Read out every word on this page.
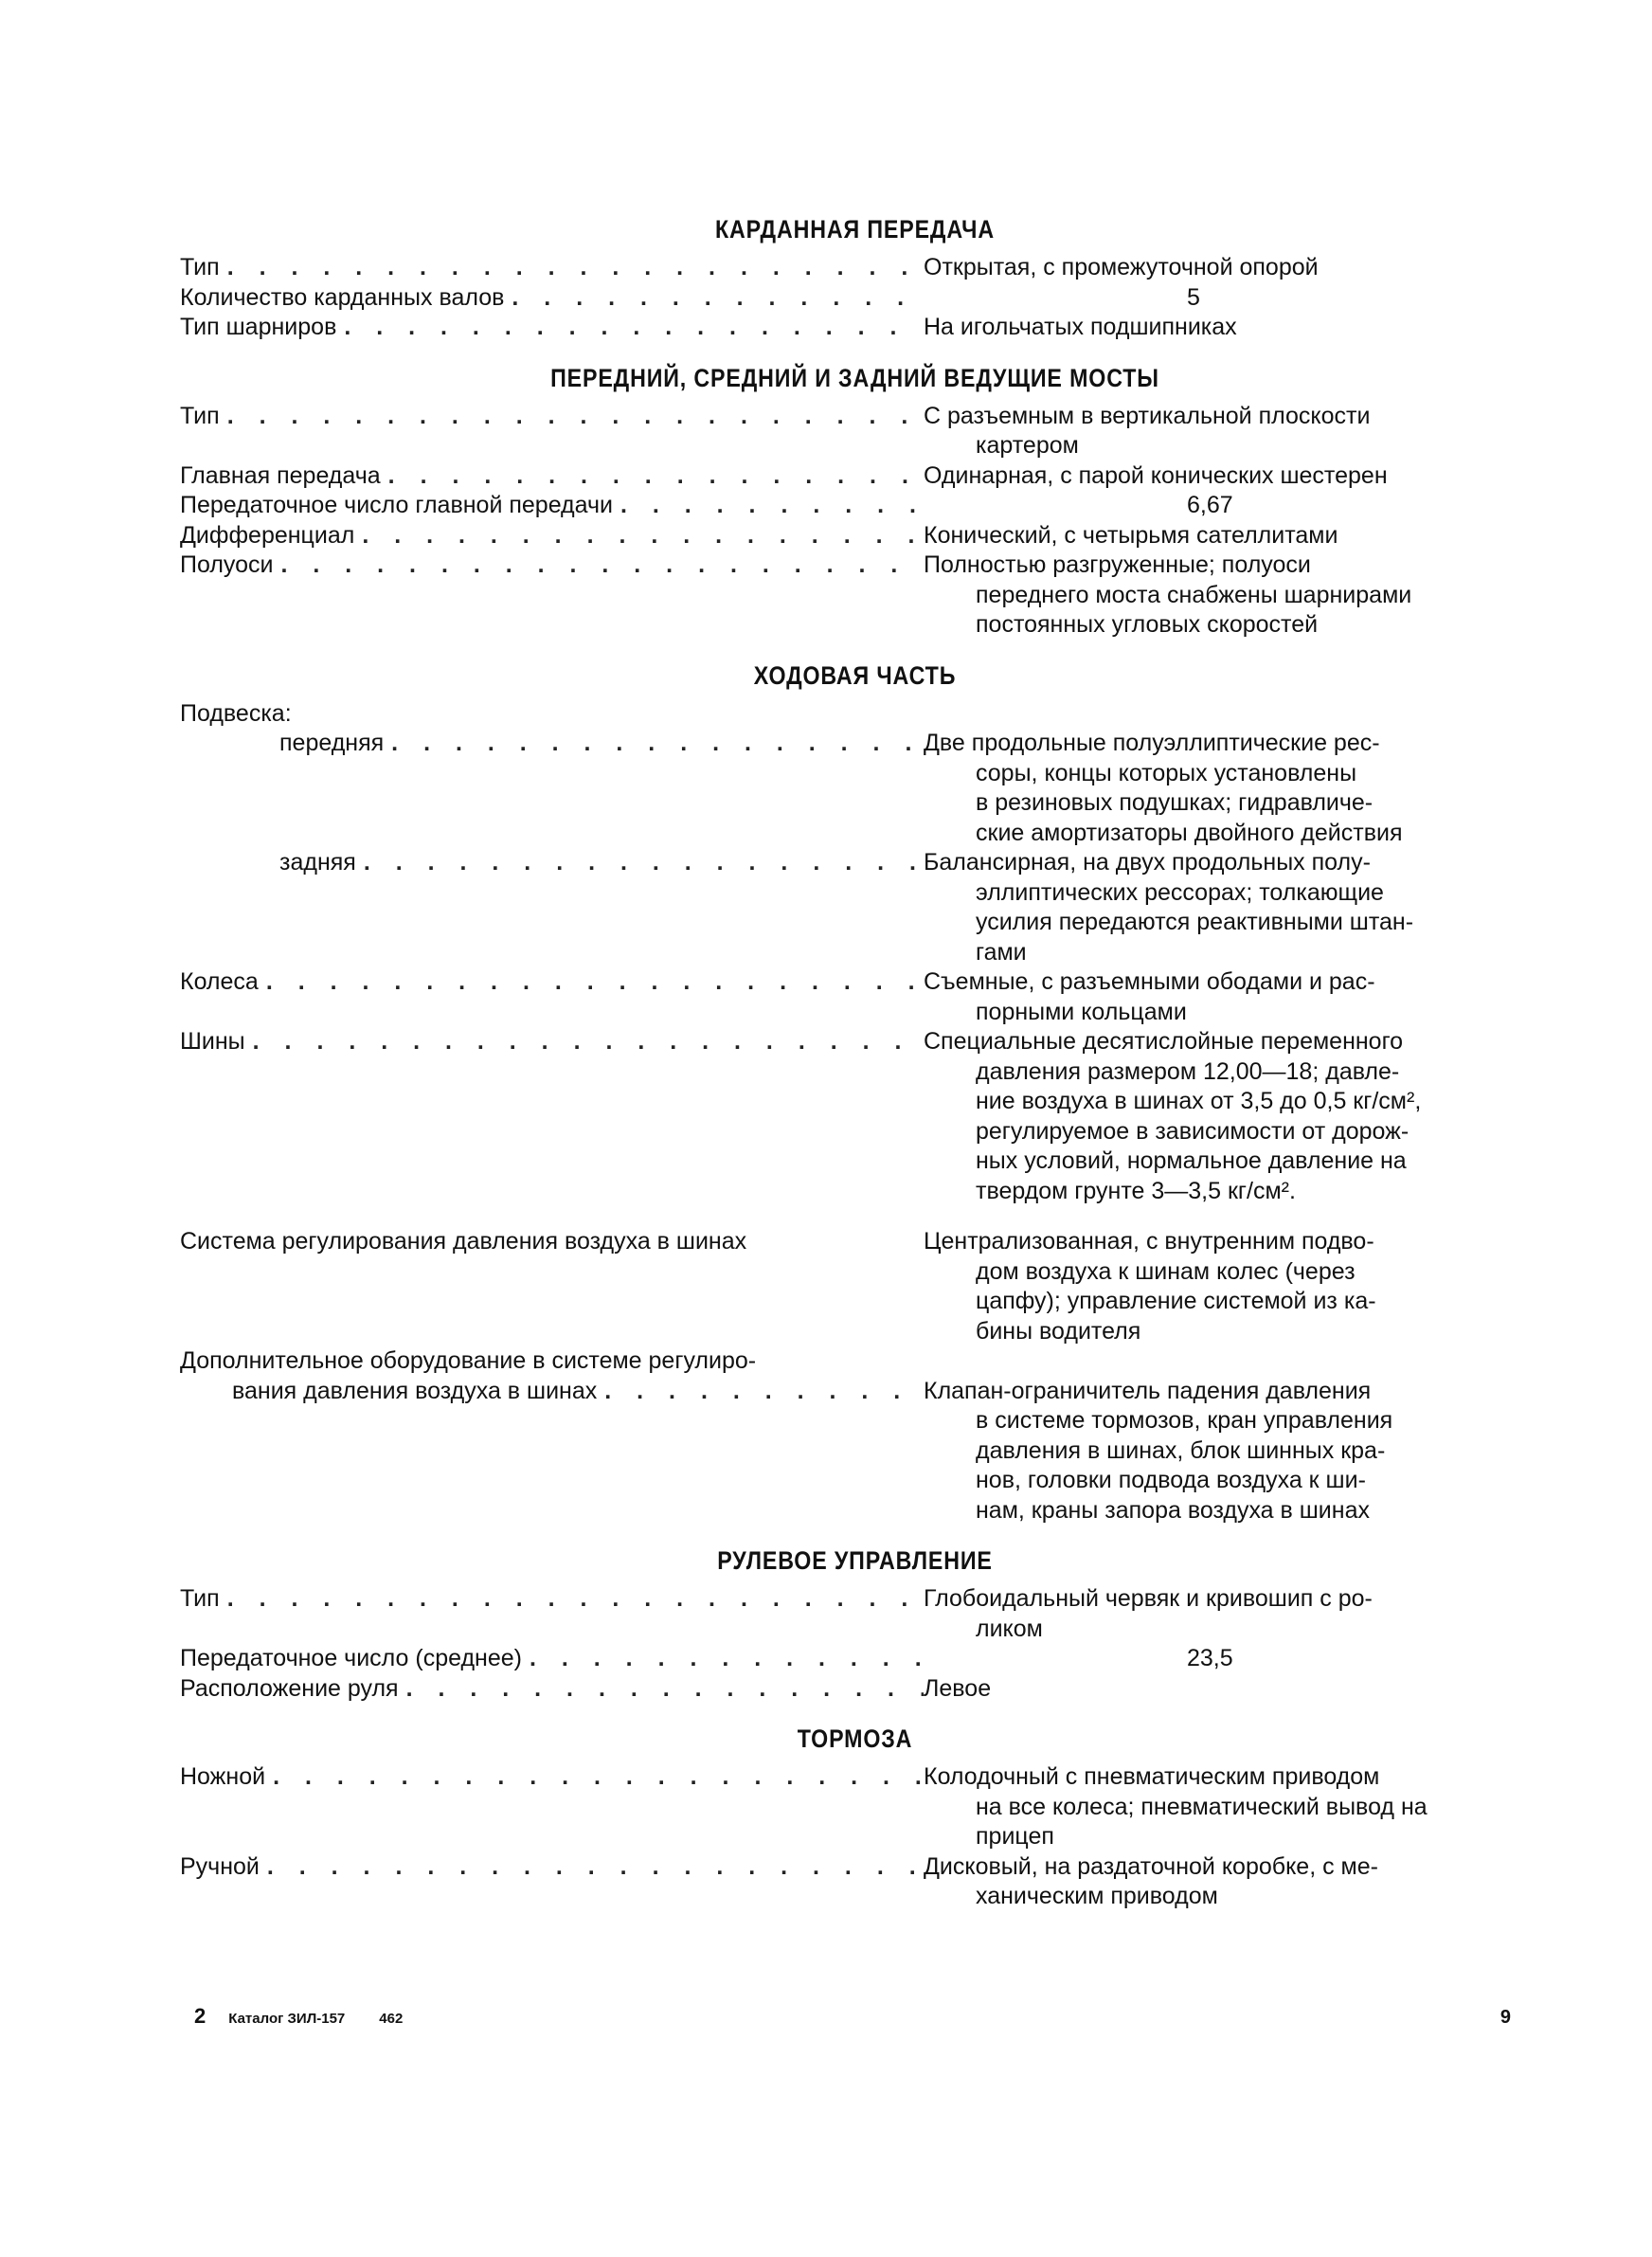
КАРДАННАЯ ПЕРЕДАЧА
Тип . . .	Открытая, с промежуточной опорой
Количество карданных валов . . .	5
Тип шарниров . . .	На игольчатых подшипниках
ПЕРЕДНИЙ, СРЕДНИЙ И ЗАДНИЙ ВЕДУЩИЕ МОСТЫ
Тип . . .	С разъемным в вертикальной плоскости
картером
Главная передача . . .	Одинарная, с парой конических шестерен
Передаточное число главной передачи . . .	6,67
Дифференциал . . .	Конический, с четырьмя сателлитами
Полуоси . . .	Полностью разгруженные; полуоси
переднего моста снабжены шарнирами
постоянных угловых скоростей
ХОДОВАЯ ЧАСТЬ
Подвеска:
передняя . . .	Две продольные полуэллиптические рес-
соры, концы которых установлены
в резиновых подушках; гидравличе-
ские амортизаторы двойного действия
задняя . . .	Балансирная, на двух продольных полу-
эллиптических рессорах; толкающие
усилия передаются реактивными штан-
гами
Колеса . . .	Съемные, с разъемными ободами и рас-
порными кольцами
Шины . . .	Специальные десятислойные переменного
давления размером 12,00—18; давле-
ние воздуха в шинах от 3,5 до 0,5 кг/см²,
регулируемое в зависимости от дорож-
ных условий, нормальное давление на
твердом грунте 3—3,5 кг/см².
Система регулирования давления воздуха в шинах	Централизованная, с внутренним подво-
дом воздуха к шинам колес (через
цапфу); управление системой из ка-
бины водителя
Дополнительное оборудование в системе регулиро-
вания давления воздуха в шинах . . .	Клапан-ограничитель падения давления
в системе тормозов, кран управления
давления в шинах, блок шинных кра-
нов, головки подвода воздуха к ши-
нам, краны запора воздуха в шинах
РУЛЕВОЕ УПРАВЛЕНИЕ
Тип . . .	Глобоидальный червяк и кривошип с ро-
ликом
Передаточное число (среднее) . . .	23,5
Расположение руля . . .	Левое
ТОРМОЗА
Ножной . . .	Колодочный с пневматическим приводом
на все колеса; пневматический вывод на
прицеп
Ручной . . .	Дисковый, на раздаточной коробке, с ме-
ханическим приводом
2 Каталог ЗИЛ-157 462	9
